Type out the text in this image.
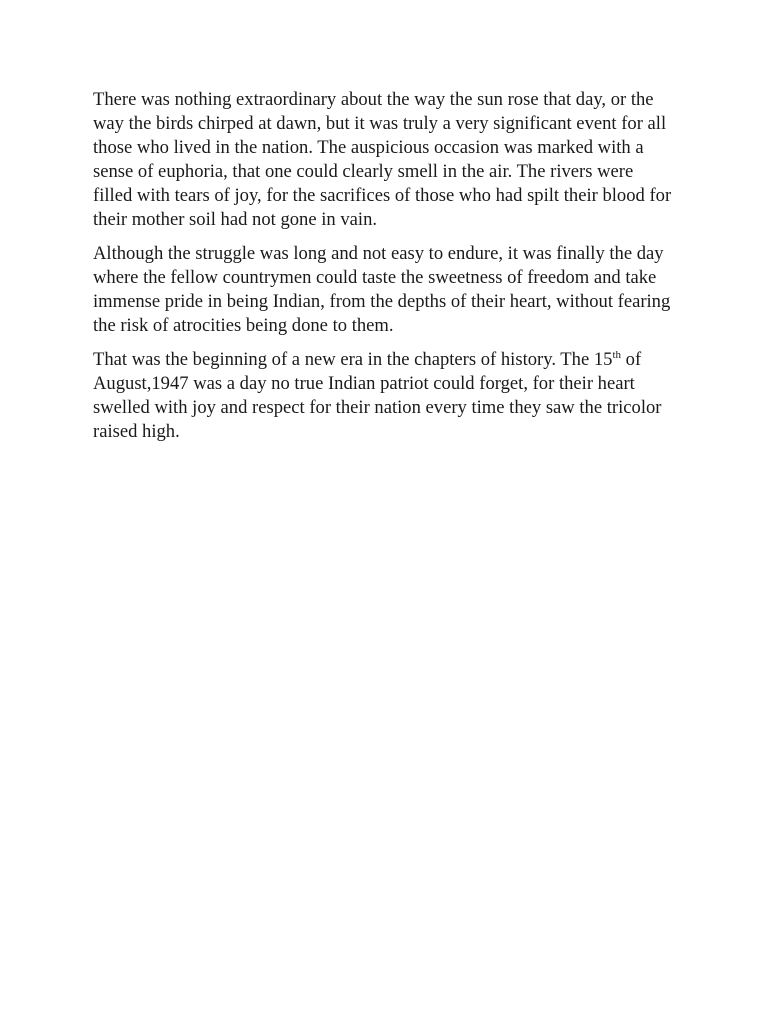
There was nothing extraordinary about the way the sun rose that day, or the way the birds chirped at dawn, but it was truly a very significant event for all those who lived in the nation. The auspicious occasion was marked with a sense of euphoria, that one could clearly smell in the air. The rivers were filled with tears of joy, for the sacrifices of those who had spilt their blood for their mother soil had not gone in vain.

Although the struggle was long and not easy to endure, it was finally the day where the fellow countrymen could taste the sweetness of freedom and take immense pride in being Indian, from the depths of their heart, without fearing the risk of atrocities being done to them.

That was the beginning of a new era in the chapters of history. The 15th of August,1947 was a day no true Indian patriot could forget, for their heart swelled with joy and respect for their nation every time they saw the tricolor raised high.
